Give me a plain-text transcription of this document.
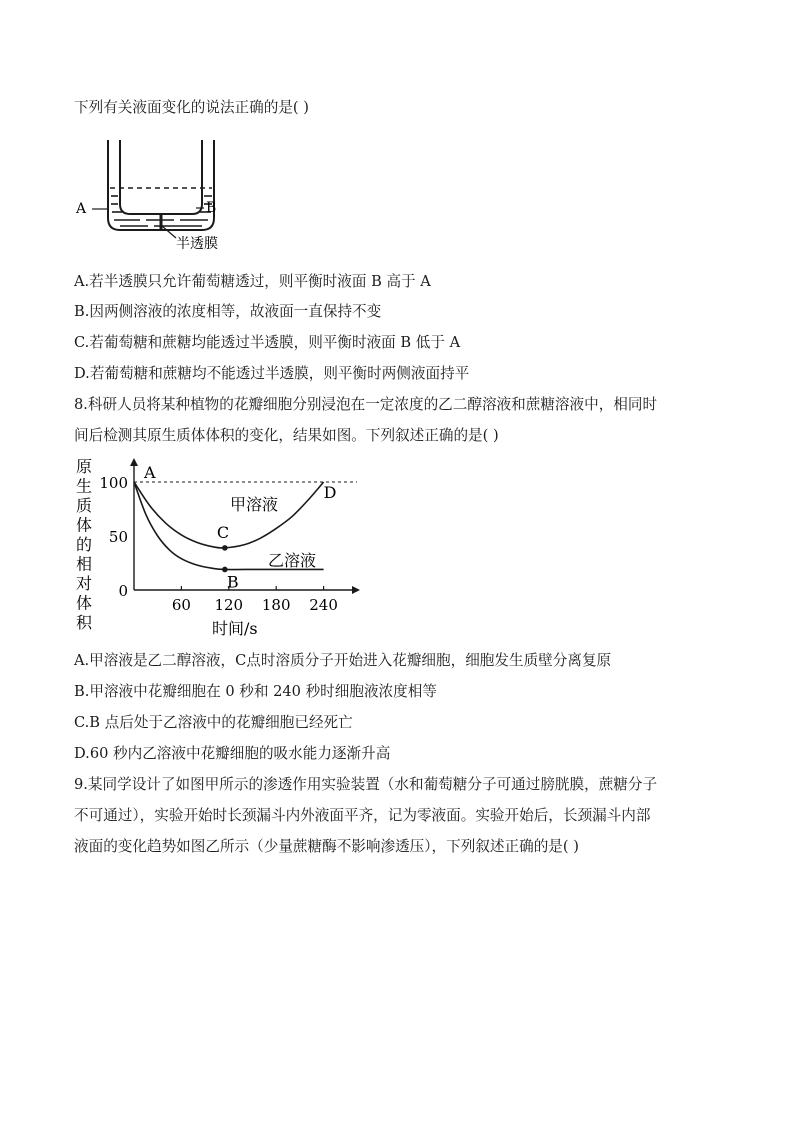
下列有关液面变化的说法正确的是( )
A	B
半透膜
A.若半透膜只允许葡萄糖透过，则平衡时液面 B 高于 A
B.因两侧溶液的浓度相等，故液面一直保持不变
C.若葡萄糖和蔗糖均能透过半透膜，则平衡时液面 B 低于 A
D.若葡萄糖和蔗糖均不能透过半透膜，则平衡时两侧液面持平
8.科研人员将某种植物的花瓣细胞分别浸泡在一定浓度的乙二醇溶液和蔗糖溶液中，相同时
间后检测其原生质体体积的变化，结果如图。下列叙述正确的是( )
原
生
质
体
的
相
对
体
积
60 120 180 240
0
50
100
A
C
B
D
甲溶液
乙溶液
时间/s
A.甲溶液是乙二醇溶液，C点时溶质分子开始进入花瓣细胞，细胞发生质壁分离复原
B.甲溶液中花瓣细胞在 0 秒和 240 秒时细胞液浓度相等
C.B 点后处于乙溶液中的花瓣细胞已经死亡
D.60 秒内乙溶液中花瓣细胞的吸水能力逐渐升高
9.某同学设计了如图甲所示的渗透作用实验装置（水和葡萄糖分子可通过膀胱膜，蔗糖分子
不可通过），实验开始时长颈漏斗内外液面平齐，记为零液面。实验开始后，长颈漏斗内部
液面的变化趋势如图乙所示（少量蔗糖酶不影响渗透压），下列叙述正确的是( )
